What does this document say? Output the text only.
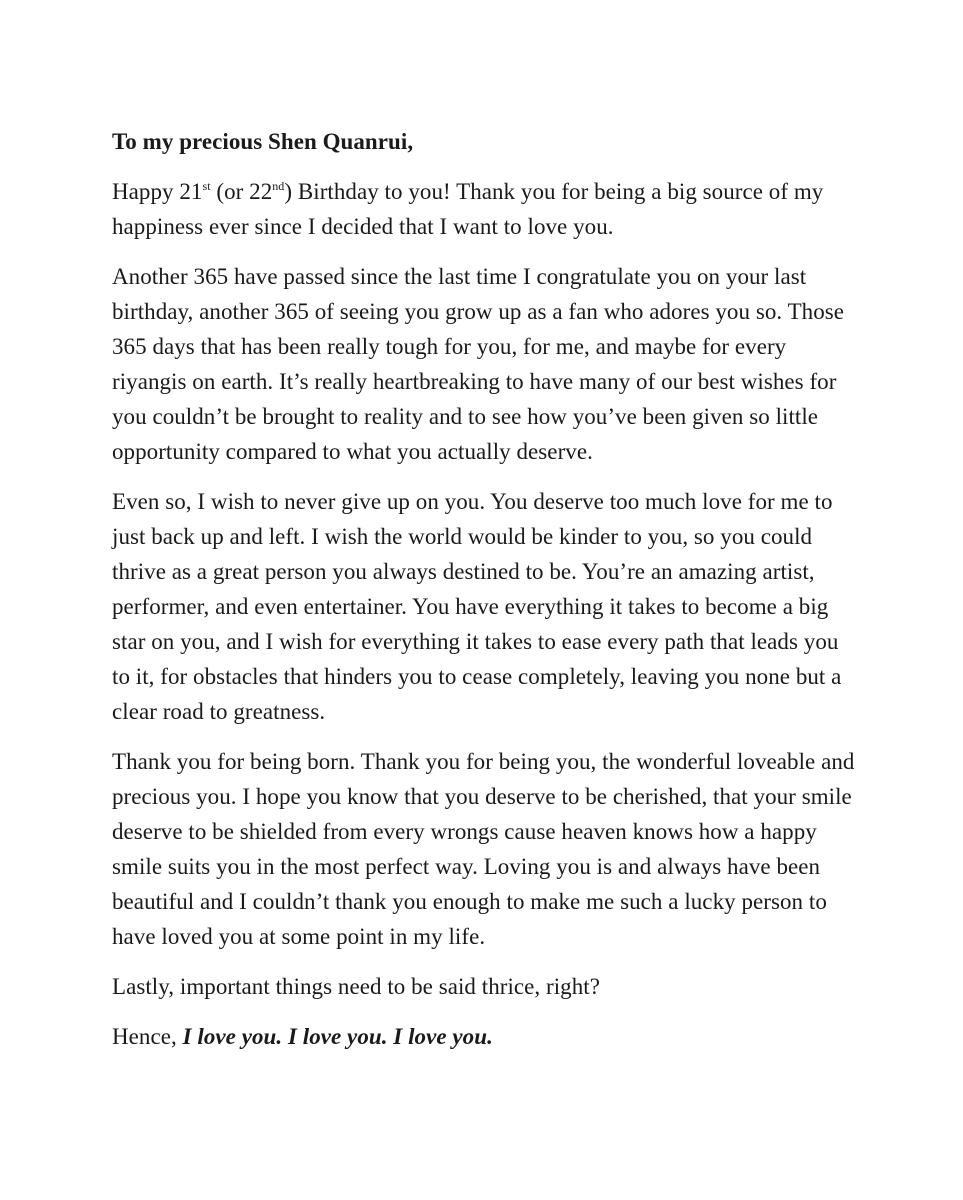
To my precious Shen Quanrui,

Happy 21st (or 22nd) Birthday to you! Thank you for being a big source of my happiness ever since I decided that I want to love you.

Another 365 have passed since the last time I congratulate you on your last birthday, another 365 of seeing you grow up as a fan who adores you so. Those 365 days that has been really tough for you, for me, and maybe for every riyangis on earth. It’s really heartbreaking to have many of our best wishes for you couldn’t be brought to reality and to see how you’ve been given so little opportunity compared to what you actually deserve.

Even so, I wish to never give up on you. You deserve too much love for me to just back up and left. I wish the world would be kinder to you, so you could thrive as a great person you always destined to be. You’re an amazing artist, performer, and even entertainer. You have everything it takes to become a big star on you, and I wish for everything it takes to ease every path that leads you to it, for obstacles that hinders you to cease completely, leaving you none but a clear road to greatness.

Thank you for being born. Thank you for being you, the wonderful loveable and precious you. I hope you know that you deserve to be cherished, that your smile deserve to be shielded from every wrongs cause heaven knows how a happy smile suits you in the most perfect way. Loving you is and always have been beautiful and I couldn’t thank you enough to make me such a lucky person to have loved you at some point in my life.

Lastly, important things need to be said thrice, right?

Hence, I love you. I love you. I love you.
